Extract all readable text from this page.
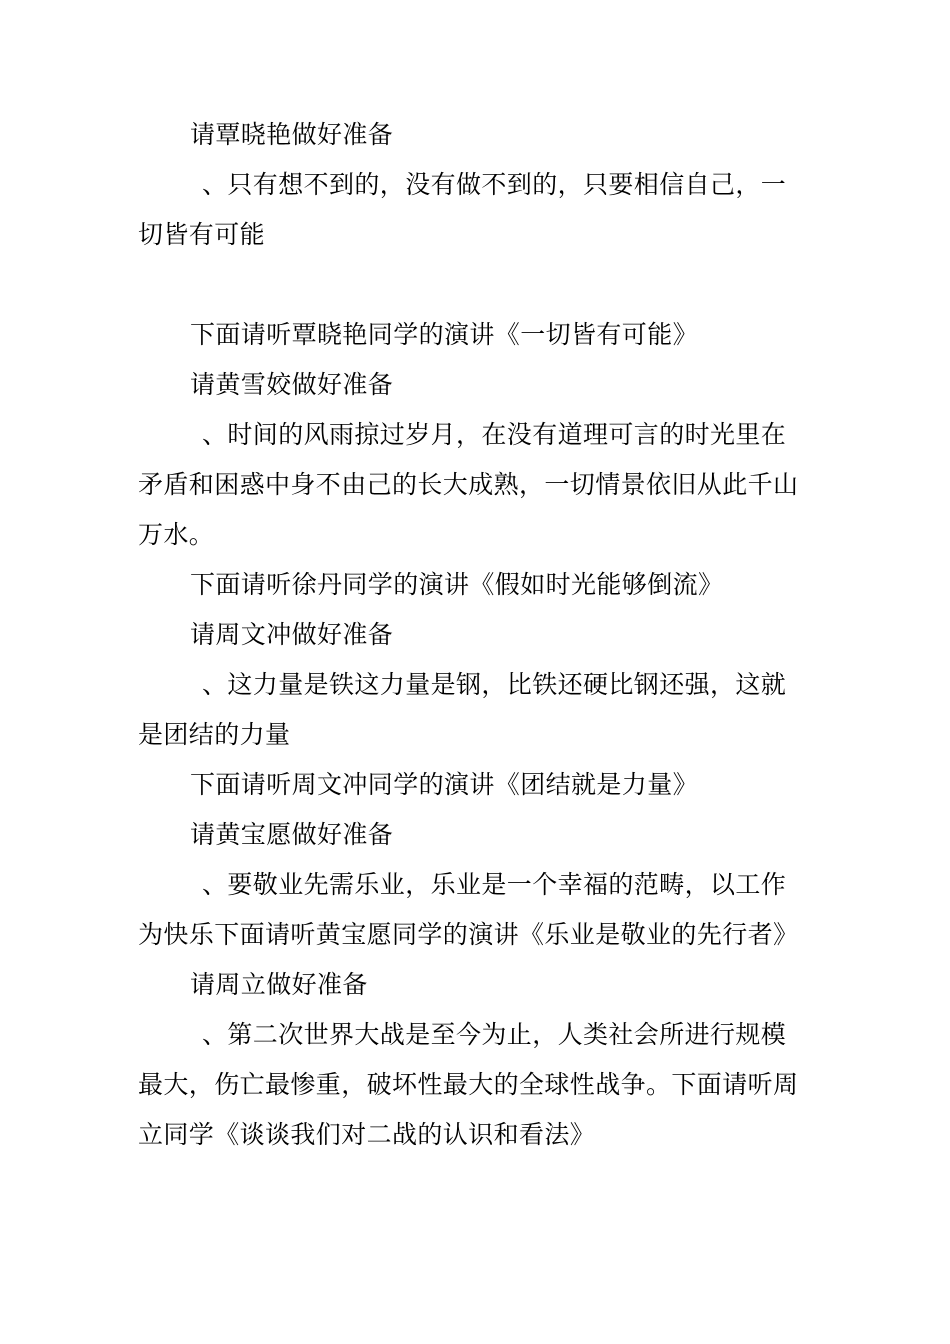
请覃晓艳做好准备
、只有想不到的，没有做不到的，只要相信自己，一
切皆有可能
下面请听覃晓艳同学的演讲《一切皆有可能》
请黄雪姣做好准备
、时间的风雨掠过岁月，在没有道理可言的时光里在
矛盾和困惑中身不由己的长大成熟，一切情景依旧从此千山
万水。
下面请听徐丹同学的演讲《假如时光能够倒流》
请周文冲做好准备
、这力量是铁这力量是钢，比铁还硬比钢还强，这就
是团结的力量
下面请听周文冲同学的演讲《团结就是力量》
请黄宝愿做好准备
、要敬业先需乐业，乐业是一个幸福的范畴，以工作
为快乐下面请听黄宝愿同学的演讲《乐业是敬业的先行者》
请周立做好准备
、第二次世界大战是至今为止，人类社会所进行规模
最大，伤亡最惨重，破坏性最大的全球性战争。下面请听周
立同学《谈谈我们对二战的认识和看法》
